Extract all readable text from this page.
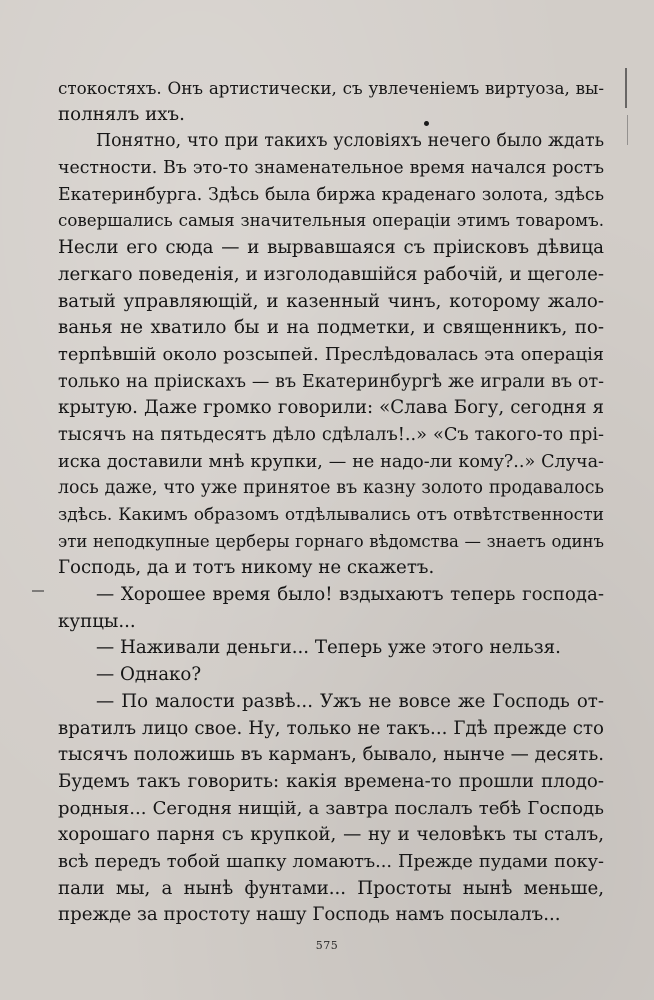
стокостяхъ. Онъ артистически, съ увлеченіемъ виртуоза, вы-
полнялъ ихъ.
Понятно, что при такихъ условіяхъ нечего было ждать
честности. Въ это-то знаменательное время начался ростъ
Екатеринбурга. Здѣсь была биржа краденаго золота, здѣсь
совершались самыя значительныя операціи этимъ товаромъ.
Несли его сюда — и вырвавшаяся съ пріисковъ дѣвица
легкаго поведенія, и изголодавшійся рабочій, и щеголе-
ватый управляющій, и казенный чинъ, которому жало-
ванья не хватило бы и на подметки, и священникъ, по-
терпѣвшій около розсыпей. Преслѣдовалась эта операція
только на пріискахъ — въ Екатеринбургѣ же играли въ от-
крытую. Даже громко говорили: «Слава Богу, сегодня я
тысячъ на пятьдесятъ дѣло сдѣлалъ!..» «Съ такого-то прі-
иска доставили мнѣ крупки, — не надо-ли кому?..» Случа-
лось даже, что уже принятое въ казну золото продавалось
здѣсь. Какимъ образомъ отдѣлывались отъ отвѣтственности
эти неподкупные церберы горнаго вѣдомства — знаетъ одинъ
Господь, да и тотъ никому не скажетъ.
— Хорошее время было! вздыхаютъ теперь господа-
купцы...
— Наживали деньги... Теперь уже этого нельзя.
— Однако?
— По малости развѣ... Ужъ не вовсе же Господь от-
вратилъ лицо свое. Ну, только не такъ... Гдѣ прежде сто
тысячъ положишь въ карманъ, бывало, нынче — десять.
Будемъ такъ говорить: какія времена-то прошли плодо-
родныя... Сегодня нищій, а завтра послалъ тебѣ Господь
хорошаго парня съ крупкой, — ну и человѣкъ ты сталъ,
всѣ передъ тобой шапку ломаютъ... Прежде пудами поку-
пали мы, а нынѣ фунтами... Простоты нынѣ меньше,
прежде за простоту нашу Господь намъ посылалъ...
575
